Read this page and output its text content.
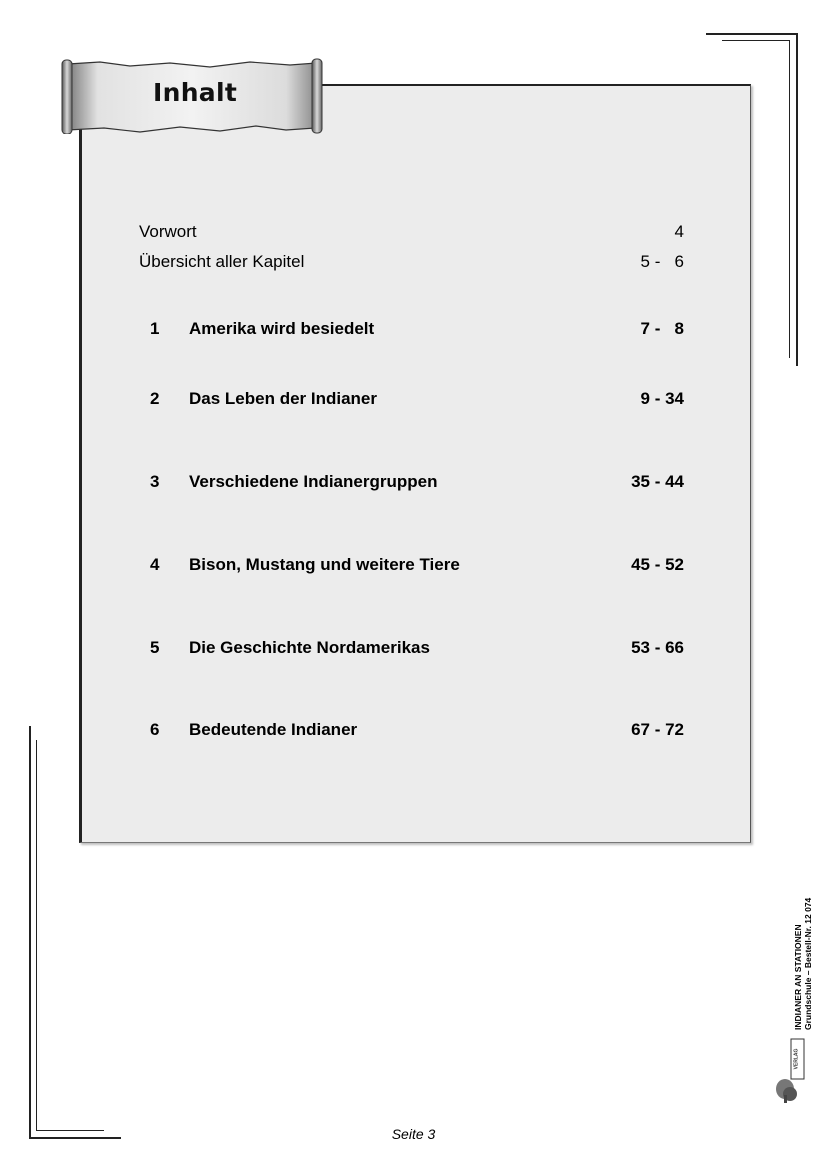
Inhalt
Vorwort	4
Übersicht aller Kapitel	5 -   6
1 Amerika wird besiedelt	7 -   8
2 Das Leben der Indianer	9 - 34
3 Verschiedene Indianergruppen	35 - 44
4 Bison, Mustang und weitere Tiere	45 - 52
5 Die Geschichte Nordamerikas	53 - 66
6 Bedeutende Indianer	67 - 72
INDIANER AN STATIONEN Grundschule – Bestell-Nr. 12 074
VERLAG
Seite 3
